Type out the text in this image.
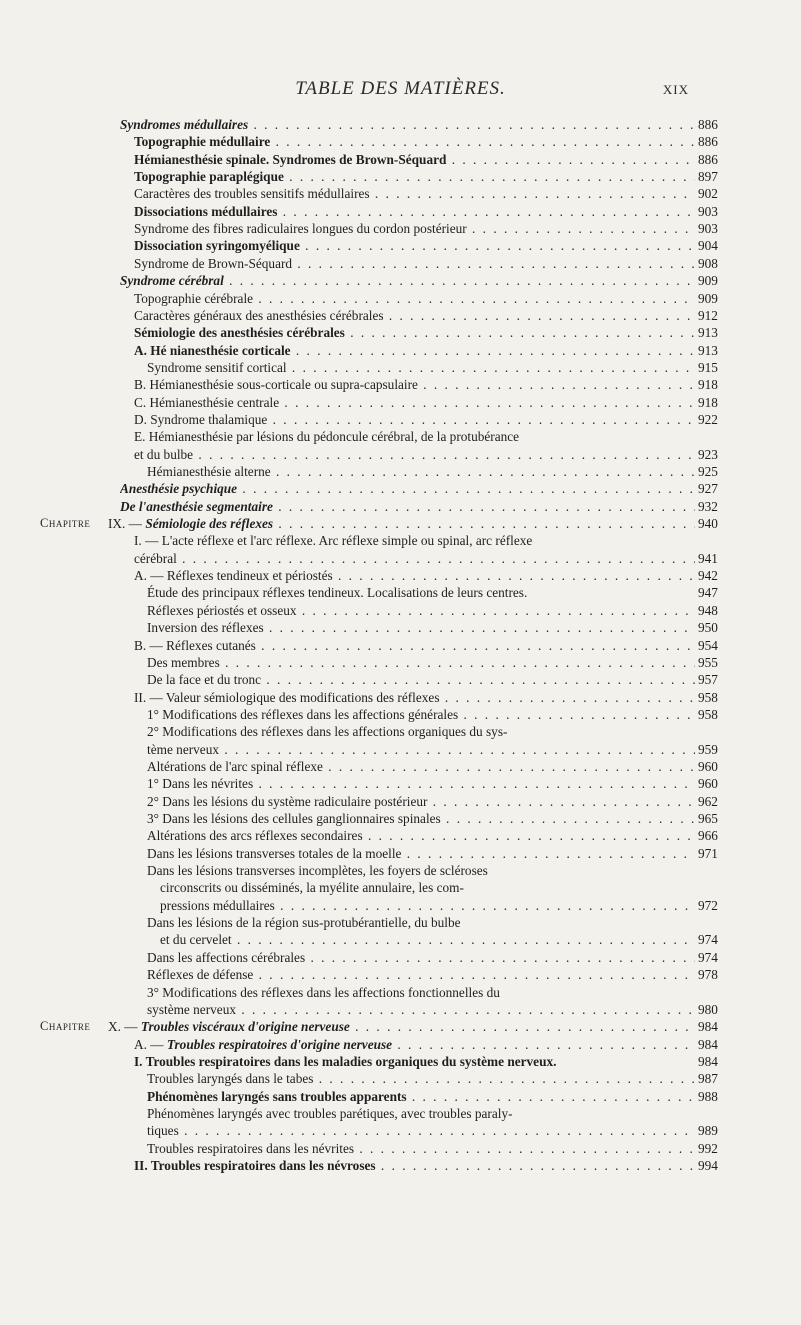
TABLE DES MATIÈRES.	XIX
Syndromes médullaires . . .	886
Topographie médullaire . . .	886
Hémianesthésie spinale. Syndromes de Brown-Séquard . . .	886
Topographie paraplégique . . .	897
Caractères des troubles sensitifs médullaires . . .	902
Dissociations médullaires . . .	903
Syndrome des fibres radiculaires longues du cordon postérieur . . .	903
Dissociation syringomyélique . . .	904
Syndrome de Brown-Séquard . . .	908
Syndrome cérébral . . .	909
Topographie cérébrale . . .	909
Caractères généraux des anesthésies cérébrales . . .	912
Sémiologie des anesthésies cérébrales . . .	913
A. Hé nianesthésie corticale . . .	913
Syndrome sensitif cortical . . .	915
B. Hémianesthésie sous-corticale ou supra-capsulaire . . .	918
C. Hémianesthésie centrale . . .	918
D. Syndrome thalamique . . .	922
E. Hémianesthésie par lésions du pédoncule cérébral, de la protubérance
et du bulbe . . .	923
Hémianesthésie alterne . . .	925
Anesthésie psychique . . .	927
De l'anesthésie segmentaire . . .	932
Chapitre	IX. — Sémiologie des réflexes . . .	940
I. — L'acte réflexe et l'arc réflexe. Arc réflexe simple ou spinal, arc réflexe
cérébral . . .	941
A. — Réflexes tendineux et périostés . . .	942
Étude des principaux réflexes tendineux. Localisations de leurs centres.	947
Réflexes périostés et osseux . . .	948
Inversion des réflexes . . .	950
B. — Réflexes cutanés . . .	954
Des membres . . .	955
De la face et du tronc . . .	957
II. — Valeur sémiologique des modifications des réflexes . . .	958
1° Modifications des réflexes dans les affections générales . . .	958
2° Modifications des réflexes dans les affections organiques du sys-
tème nerveux . . .	959
Altérations de l'arc spinal réflexe . . .	960
1° Dans les névrites . . .	960
2° Dans les lésions du système radiculaire postérieur . . .	962
3° Dans les lésions des cellules ganglionnaires spinales . . .	965
Altérations des arcs réflexes secondaires . . .	966
Dans les lésions transverses totales de la moelle . . .	971
Dans les lésions transverses incomplètes, les foyers de scléroses
circonscrits ou disséminés, la myélite annulaire, les com-
pressions médullaires . . .	972
Dans les lésions de la région sus-protubérantielle, du bulbe
et du cervelet . . .	974
Dans les affections cérébrales . . .	974
Réflexes de défense . . .	978
3° Modifications des réflexes dans les affections fonctionnelles du
système nerveux . . .	980
Chapitre	X. — Troubles viscéraux d'origine nerveuse . . .	984
A. — Troubles respiratoires d'origine nerveuse . . .	984
I. Troubles respiratoires dans les maladies organiques du système nerveux.	984
Troubles laryngés dans le tabes . . .	987
Phénomènes laryngés sans troubles apparents . . .	988
Phénomènes laryngés avec troubles parétiques, avec troubles paraly-
tiques . . .	989
Troubles respiratoires dans les névrites . . .	992
II. Troubles respiratoires dans les névroses . . .	994
